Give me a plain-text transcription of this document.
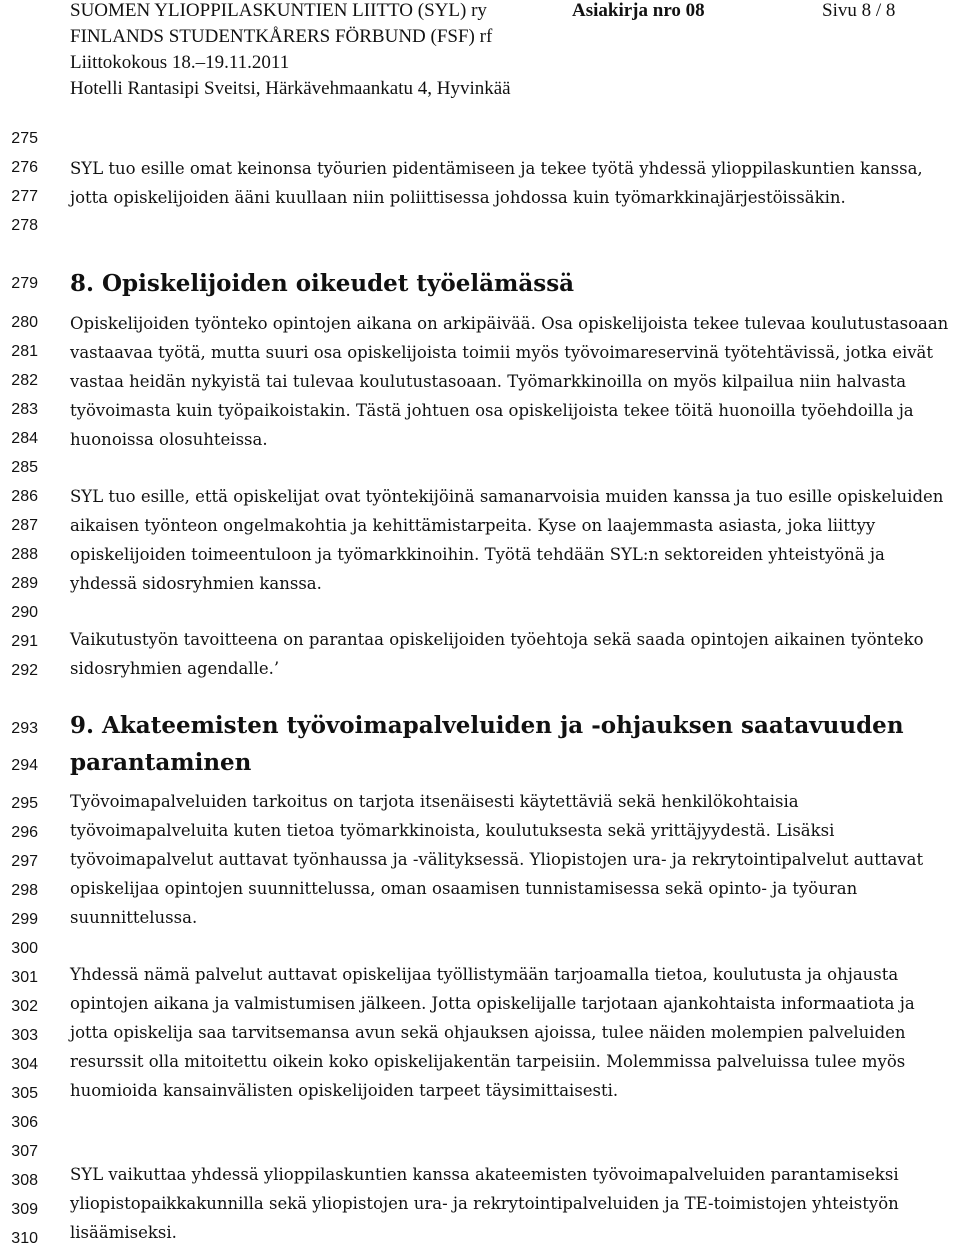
SUOMEN YLIOPPILASKUNTIEN LIITTO (SYL) ry
FINLANDS STUDENTKÅRERS FÖRBUND (FSF) rf
Liittokokous 18.–19.11.2011
Hotelli Rantasipi Sveitsi, Härkävehmaankatu 4, Hyvinkää
Asiakirja nro 08	Sivu 8 / 8
275
276
277
278
279
280
281
282
283
284
285
286
287
288
289
290
291
292
293
294
295
296
297
298
299
300
301
302
303
304
305
306
307
308
309
310

SYL tuo esille omat keinonsa työurien pidentämiseen ja tekee työtä yhdessä ylioppilaskuntien kanssa, jotta opiskelijoiden ääni kuullaan niin poliittisessa johdossa kuin työmarkkinajärjestöissäkin.

8. Opiskelijoiden oikeudet työelämässä

Opiskelijoiden työnteko opintojen aikana on arkipäivää. Osa opiskelijoista tekee tulevaa koulutustasoaan vastaavaa työtä, mutta suuri osa opiskelijoista toimii myös työvoimareservinä työtehtävissä, jotka eivät vastaa heidän nykyistä tai tulevaa koulutustasoaan. Työmarkkinoilla on myös kilpailua niin halvasta työvoimasta kuin työpaikoistakin. Tästä johtuen osa opiskelijoista tekee töitä huonoilla työehdoilla ja huonoissa olosuhteissa.

SYL tuo esille, että opiskelijat ovat työntekijöinä samanarvoisia muiden kanssa ja tuo esille opiskeluiden aikaisen työnteon ongelmakohtia ja kehittämistarpeita. Kyse on laajemmasta asiasta, joka liittyy opiskelijoiden toimeentuloon ja työmarkkinoihin. Työtä tehdään SYL:n sektoreiden yhteistyönä ja yhdessä sidosryhmien kanssa.

Vaikutustyön tavoitteena on parantaa opiskelijoiden työehtoja sekä saada opintojen aikainen työnteko sidosryhmien agendalle.’

9. Akateemisten työvoimapalveluiden ja -ohjauksen saatavuuden parantaminen

Työvoimapalveluiden tarkoitus on tarjota itsenäisesti käytettäviä sekä henkilökohtaisia työvoimapalveluita kuten tietoa työmarkkinoista, koulutuksesta sekä yrittäjyydestä. Lisäksi työvoimapalvelut auttavat työnhaussa ja -välityksessä. Yliopistojen ura- ja rekrytointipalvelut auttavat opiskelijaa opintojen suunnittelussa, oman osaamisen tunnistamisessa sekä opinto- ja työuran suunnittelussa.

Yhdessä nämä palvelut auttavat opiskelijaa työllistymään tarjoamalla tietoa, koulutusta ja ohjausta opintojen aikana ja valmistumisen jälkeen. Jotta opiskelijalle tarjotaan ajankohtaista informaatiota ja jotta opiskelija saa tarvitsemansa avun sekä ohjauksen ajoissa, tulee näiden molempien palveluiden resurssit olla mitoitettu oikein koko opiskelijakentän tarpeisiin. Molemmissa palveluissa tulee myös huomioida kansainvälisten opiskelijoiden tarpeet täysimittaisesti.

SYL vaikuttaa yhdessä ylioppilaskuntien kanssa akateemisten työvoimapalveluiden parantamiseksi yliopistopaikkakunnilla sekä yliopistojen ura- ja rekrytointipalveluiden ja TE-toimistojen yhteistyön lisäämiseksi.
